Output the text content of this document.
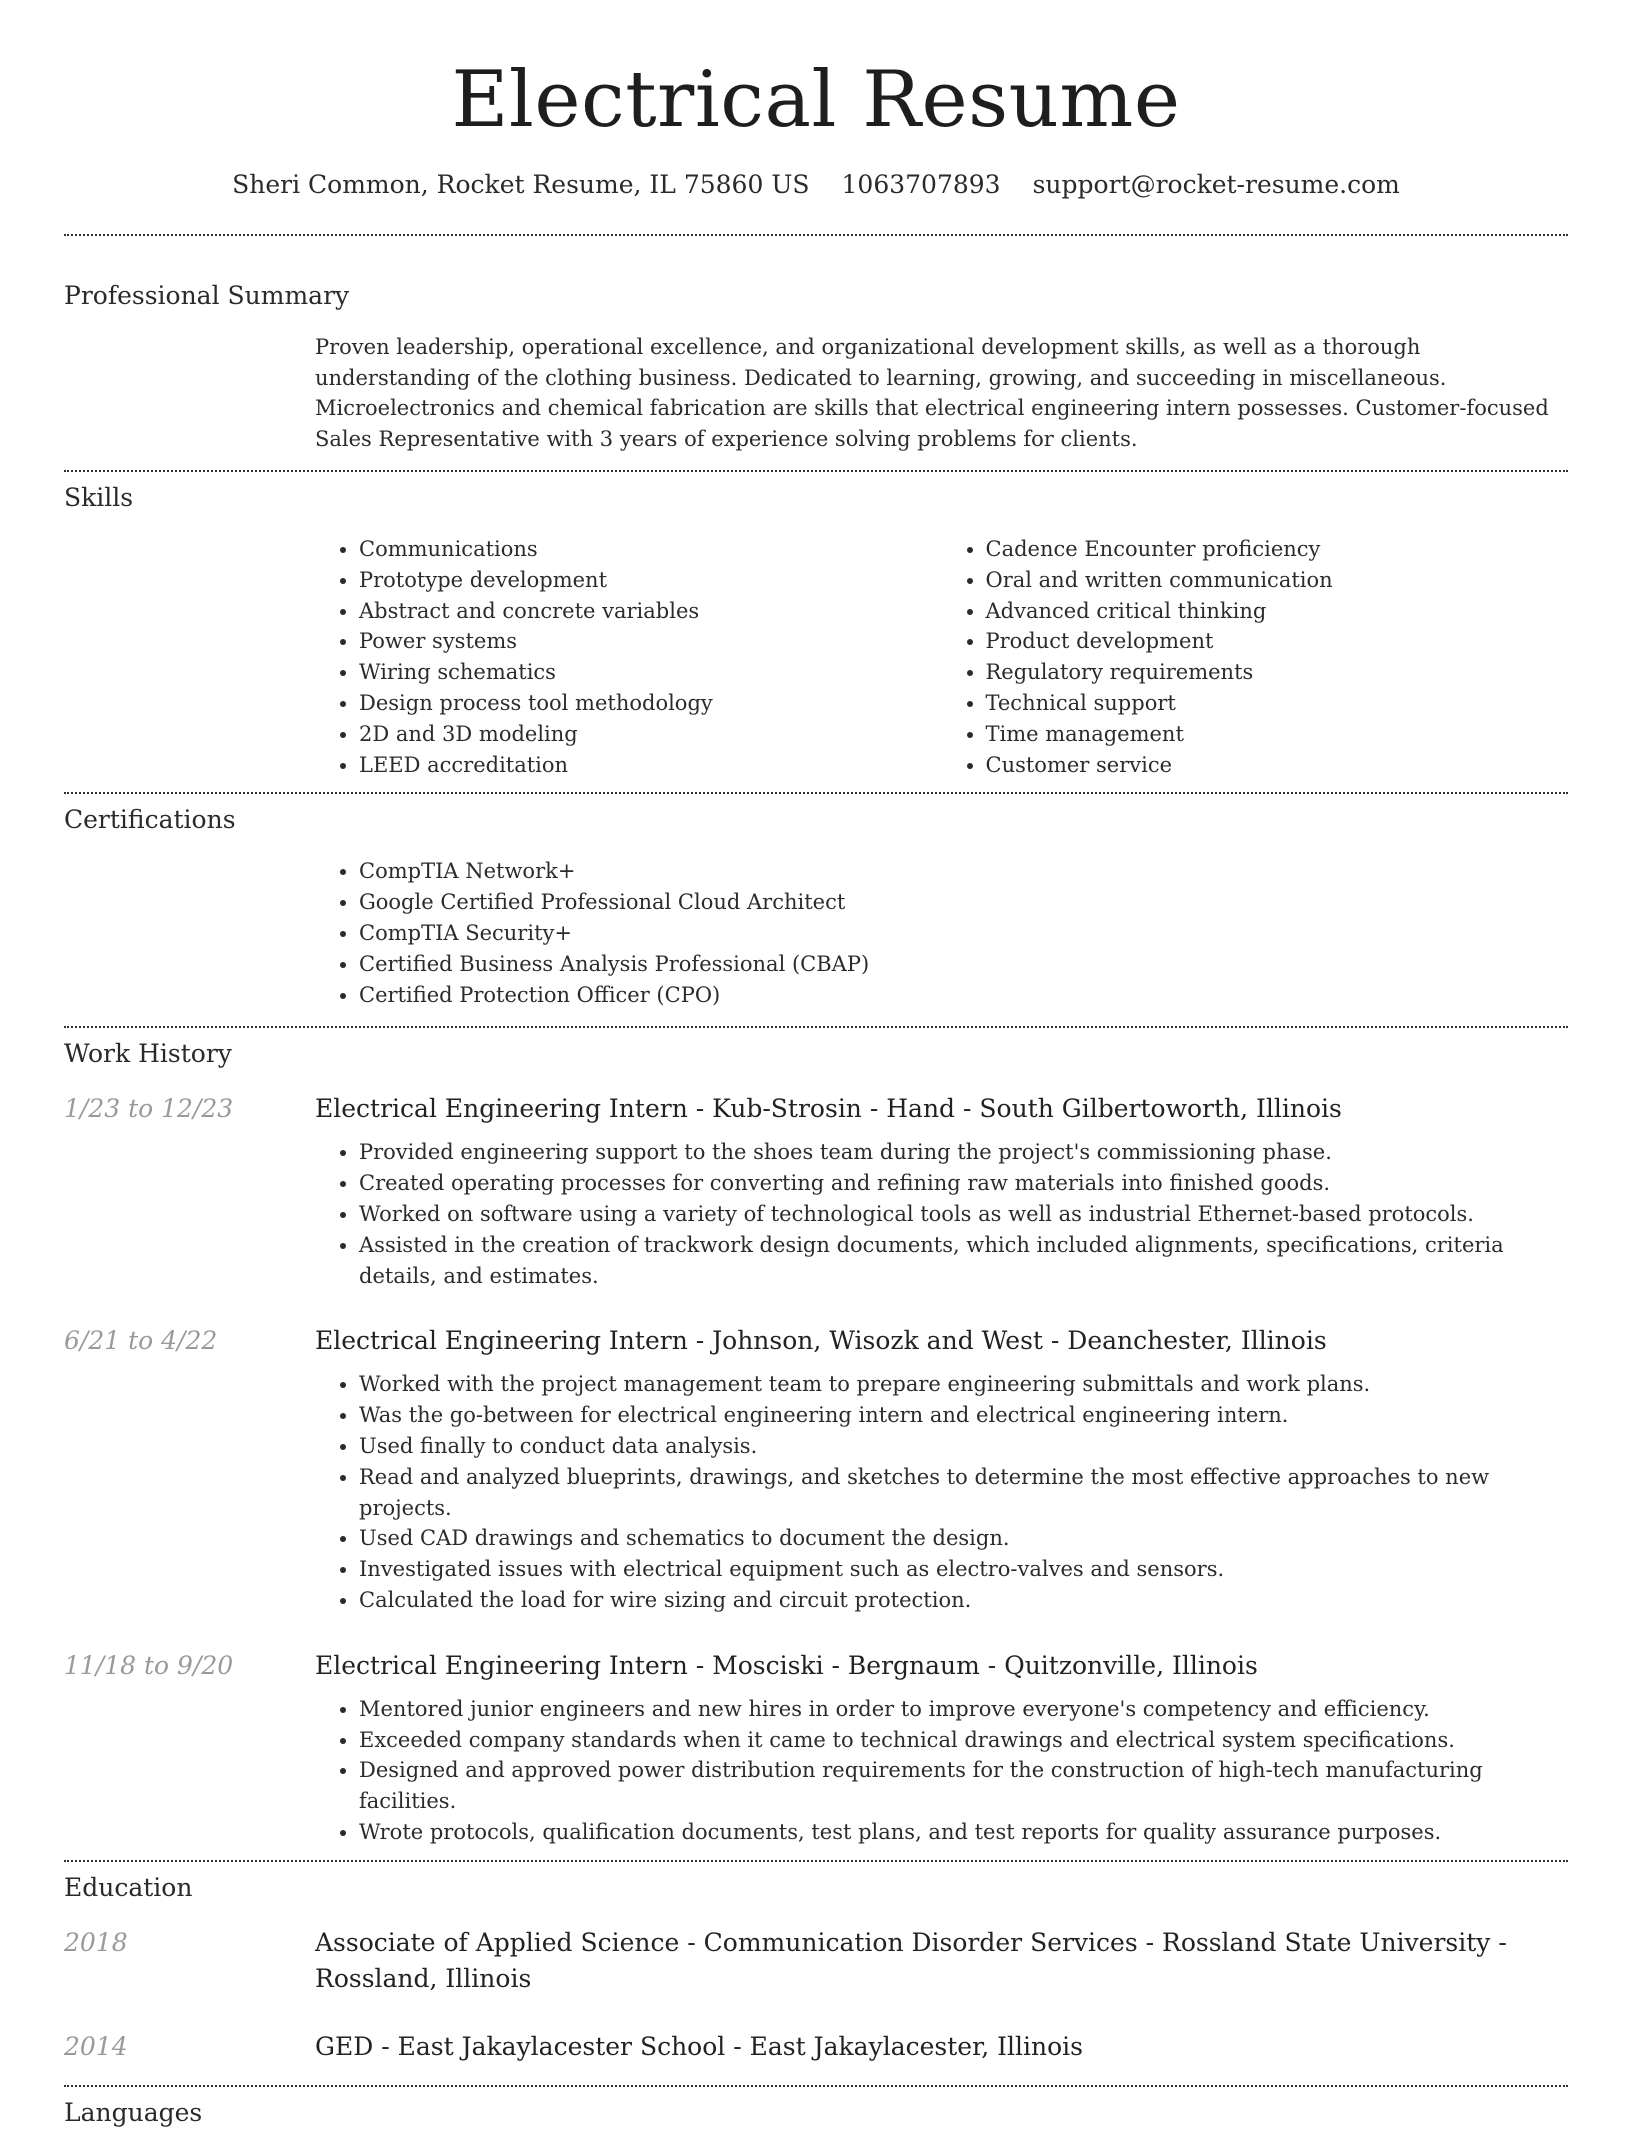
Electrical Resume
Sheri Common, Rocket Resume, IL 75860 US 1063707893 support@rocket-resume.com
Professional Summary
Proven leadership, operational excellence, and organizational development skills, as well as a thorough understanding of the clothing business. Dedicated to learning, growing, and succeeding in miscellaneous. Microelectronics and chemical fabrication are skills that electrical engineering intern possesses. Customer-focused Sales Representative with 3 years of experience solving problems for clients.
Skills
• Communications
• Prototype development
• Abstract and concrete variables
• Power systems
• Wiring schematics
• Design process tool methodology
• 2D and 3D modeling
• LEED accreditation
• Cadence Encounter proficiency
• Oral and written communication
• Advanced critical thinking
• Product development
• Regulatory requirements
• Technical support
• Time management
• Customer service
Certifications
• CompTIA Network+
• Google Certified Professional Cloud Architect
• CompTIA Security+
• Certified Business Analysis Professional (CBAP)
• Certified Protection Officer (CPO)
Work History
1/23 to 12/23	Electrical Engineering Intern - Kub-Strosin - Hand - South Gilbertoworth, Illinois
• Provided engineering support to the shoes team during the project's commissioning phase.
• Created operating processes for converting and refining raw materials into finished goods.
• Worked on software using a variety of technological tools as well as industrial Ethernet-based protocols.
• Assisted in the creation of trackwork design documents, which included alignments, specifications, criteria details, and estimates.
6/21 to 4/22	Electrical Engineering Intern - Johnson, Wisozk and West - Deanchester, Illinois
• Worked with the project management team to prepare engineering submittals and work plans.
• Was the go-between for electrical engineering intern and electrical engineering intern.
• Used finally to conduct data analysis.
• Read and analyzed blueprints, drawings, and sketches to determine the most effective approaches to new projects.
• Used CAD drawings and schematics to document the design.
• Investigated issues with electrical equipment such as electro-valves and sensors.
• Calculated the load for wire sizing and circuit protection.
11/18 to 9/20	Electrical Engineering Intern - Mosciski - Bergnaum - Quitzonville, Illinois
• Mentored junior engineers and new hires in order to improve everyone's competency and efficiency.
• Exceeded company standards when it came to technical drawings and electrical system specifications.
• Designed and approved power distribution requirements for the construction of high-tech manufacturing facilities.
• Wrote protocols, qualification documents, test plans, and test reports for quality assurance purposes.
Education
2018	Associate of Applied Science - Communication Disorder Services - Rossland State University - Rossland, Illinois
2014	GED - East Jakaylacester School - East Jakaylacester, Illinois
Languages
